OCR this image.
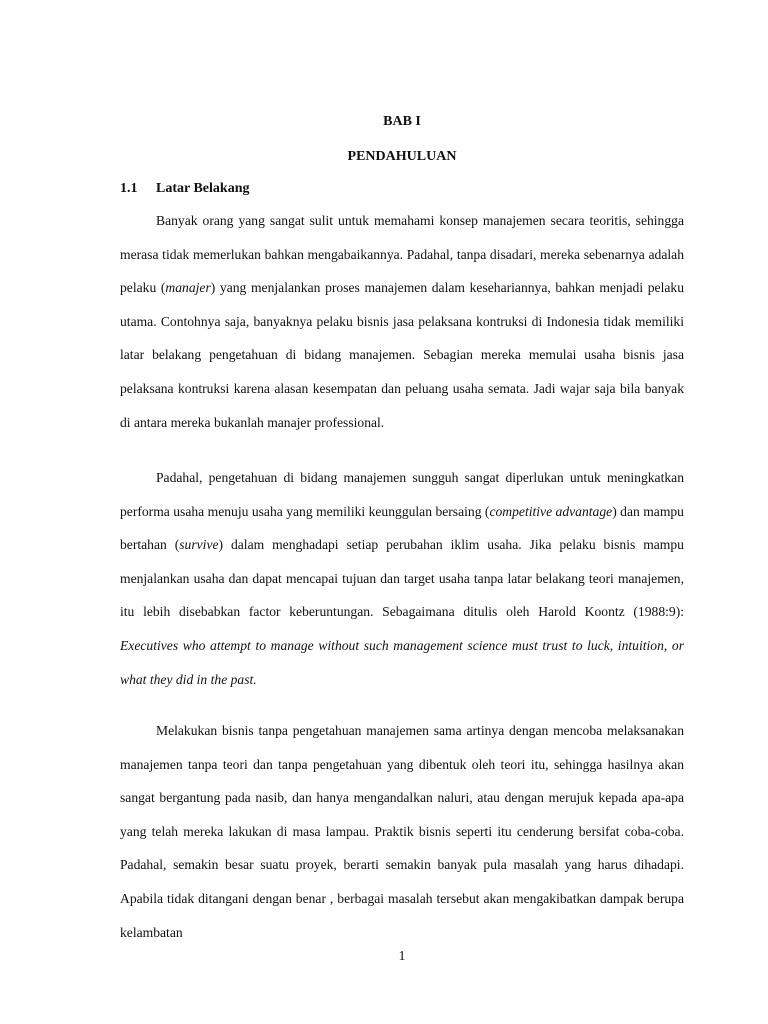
BAB I
PENDAHULUAN
1.1 Latar Belakang

Banyak orang yang sangat sulit untuk memahami konsep manajemen secara teoritis, sehingga merasa tidak memerlukan bahkan mengabaikannya. Padahal, tanpa disadari, mereka sebenarnya adalah pelaku (manajer) yang menjalankan proses manajemen dalam kesehariannya, bahkan menjadi pelaku utama. Contohnya saja, banyaknya pelaku bisnis jasa pelaksana kontruksi di Indonesia tidak memiliki latar belakang pengetahuan di bidang manajemen. Sebagian mereka memulai usaha bisnis jasa pelaksana kontruksi karena alasan kesempatan dan peluang usaha semata. Jadi wajar saja bila banyak di antara mereka bukanlah manajer professional.

Padahal, pengetahuan di bidang manajemen sungguh sangat diperlukan untuk meningkatkan performa usaha menuju usaha yang memiliki keunggulan bersaing (competitive advantage) dan mampu bertahan (survive) dalam menghadapi setiap perubahan iklim usaha. Jika pelaku bisnis mampu menjalankan usaha dan dapat mencapai tujuan dan target usaha tanpa latar belakang teori manajemen, itu lebih disebabkan factor keberuntungan. Sebagaimana ditulis oleh Harold Koontz (1988:9): Executives who attempt to manage without such management science must trust to luck, intuition, or what they did in the past.

Melakukan bisnis tanpa pengetahuan manajemen sama artinya dengan mencoba melaksanakan manajemen tanpa teori dan tanpa pengetahuan yang dibentuk oleh teori itu, sehingga hasilnya akan sangat bergantung pada nasib, dan hanya mengandalkan naluri, atau dengan merujuk kepada apa-apa yang telah mereka lakukan di masa lampau. Praktik bisnis seperti itu cenderung bersifat coba-coba. Padahal, semakin besar suatu proyek, berarti semakin banyak pula masalah yang harus dihadapi. Apabila tidak ditangani dengan benar , berbagai masalah tersebut akan mengakibatkan dampak berupa kelambatan

1
